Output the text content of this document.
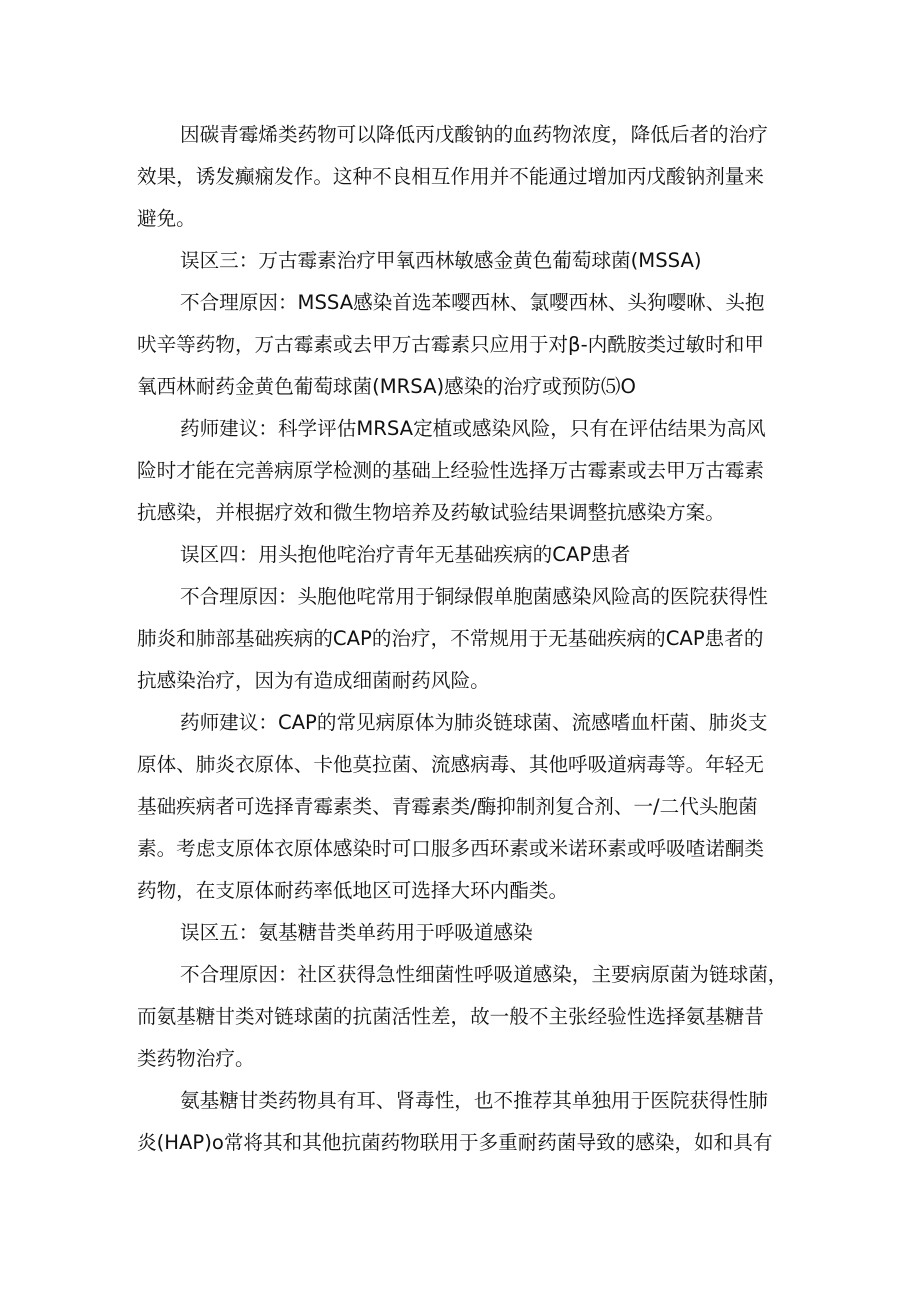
因碳青霉烯类药物可以降低丙戊酸钠的血药物浓度，降低后者的治疗
效果，诱发癫痫发作。这种不良相互作用并不能通过增加丙戊酸钠剂量来
避免。
误区三：万古霉素治疗甲氧西林敏感金黄色葡萄球菌(MSSA)
不合理原因：MSSA感染首选苯嘤西林、氯嘤西林、头狗嘤咻、头抱
吠辛等药物，万古霉素或去甲万古霉素只应用于对β-内酰胺类过敏时和甲
氧西林耐药金黄色葡萄球菌(MRSA)感染的治疗或预防⑸O
药师建议：科学评估MRSA定植或感染风险，只有在评估结果为高风
险时才能在完善病原学检测的基础上经验性选择万古霉素或去甲万古霉素
抗感染，并根据疗效和微生物培养及药敏试验结果调整抗感染方案。
误区四：用头抱他咤治疗青年无基础疾病的CAP患者
不合理原因：头胞他咤常用于铜绿假单胞菌感染风险高的医院获得性
肺炎和肺部基础疾病的CAP的治疗，不常规用于无基础疾病的CAP患者的
抗感染治疗，因为有造成细菌耐药风险。
药师建议：CAP的常见病原体为肺炎链球菌、流感嗜血杆菌、肺炎支
原体、肺炎衣原体、卡他莫拉菌、流感病毒、其他呼吸道病毒等。年轻无
基础疾病者可选择青霉素类、青霉素类/酶抑制剂复合剂、一/二代头胞菌
素。考虑支原体衣原体感染时可口服多西环素或米诺环素或呼吸喳诺酮类
药物，在支原体耐药率低地区可选择大环内酯类。
误区五：氨基糖昔类单药用于呼吸道感染
不合理原因：社区获得急性细菌性呼吸道感染，主要病原菌为链球菌，
而氨基糖甘类对链球菌的抗菌活性差，故一般不主张经验性选择氨基糖昔
类药物治疗。
氨基糖甘类药物具有耳、肾毒性，也不推荐其单独用于医院获得性肺
炎(HAP)o常将其和其他抗菌药物联用于多重耐药菌导致的感染，如和具有
